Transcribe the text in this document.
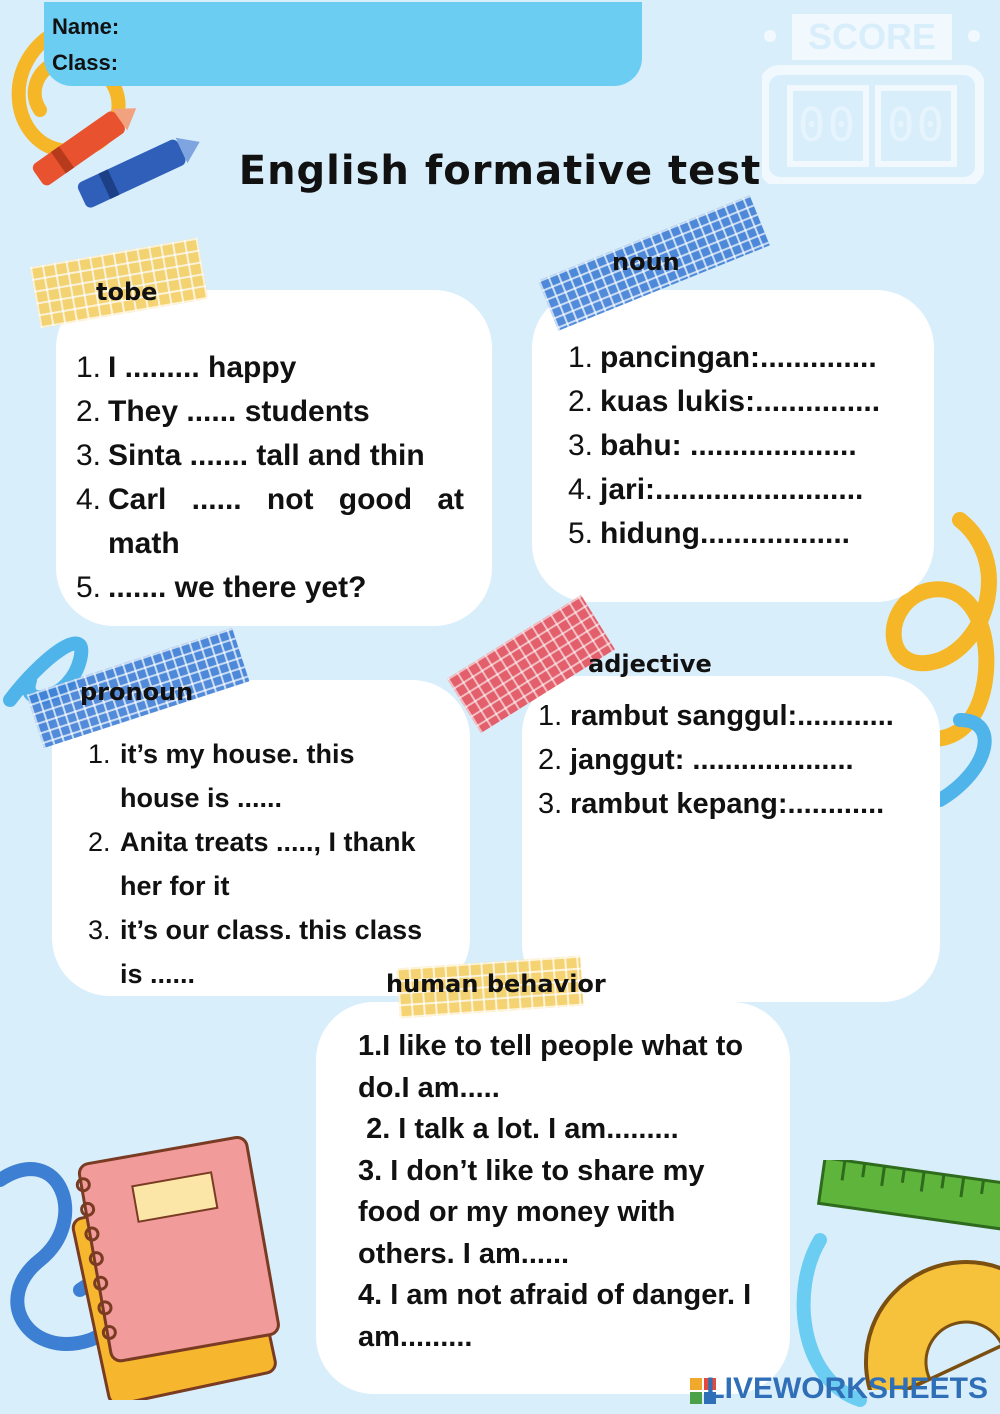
SCORE
00 00
Name:
Class:
English formative test
1. I ......... happy
2. They ...... students
3. Sinta ....... tall and thin
4. Carl ...... not good at math
5. ....... we there yet?
tobe
1. pancingan:..............
2. kuas lukis:...............
3. bahu: ....................
4. jari:.........................
5. hidung..................
noun
1. it’s my house. this house is ......
2. Anita treats ....., I thank her for it
3. it’s our class. this class is ......
pronoun
1. rambut sanggul:............
2. janggut: ....................
3. rambut kepang:............
adjective

1.I like to tell people what to do.I am.....

2. I talk a lot. I am.........

3. I don’t like to share my food or my money with others. I am......

4. I am not afraid of danger. I am.........

human behavior
LIVEWORKSHEETS
